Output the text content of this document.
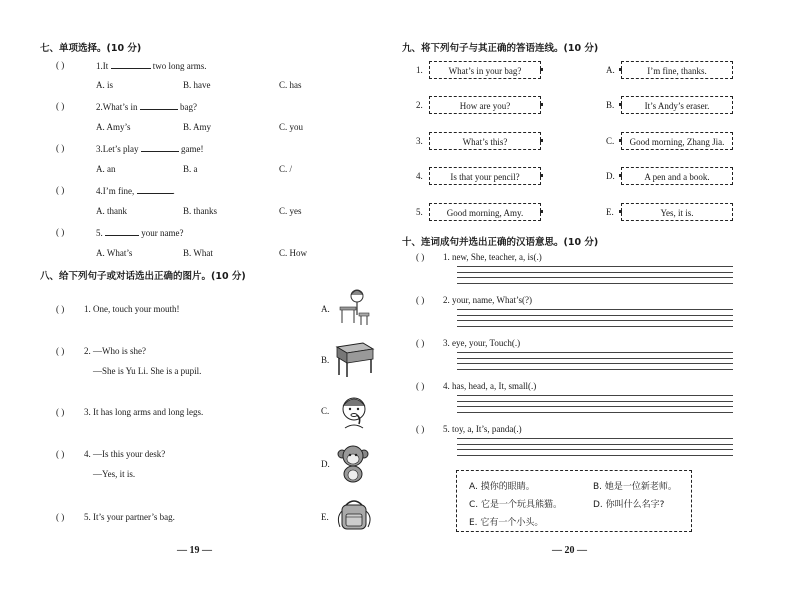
七、单项选择。(10 分)
( )	1.It	two long arms.
A. is	B. have	C. has
( )	2.What’s in	bag?
A. Amy’s	B. Amy	C. you
( )	3.Let’s play	game!
A. an	B. a	C. /
( )	4.I’m fine,	.
A. thank	B. thanks	C. yes
( )	5.	your name?
A. What’s	B. What	C. How
八、给下列句子或对话选出正确的图片。(10 分)
( ) 1. One, touch your mouth!
( ) 2. —Who is she?
—She is Yu Li. She is a pupil.
( ) 3. It has long arms and long legs.
( ) 4. —Is this your desk?
—Yes, it is.
( ) 5. It’s your partner’s bag.
A.
B.
C.
D.
E.
— 19 —
九、将下列句子与其正确的答语连线。(10 分)
1.	What’s in your bag?
2.	How are you?
3.	What’s this?
4.	Is that your pencil?
5.	Good morning, Amy.
A.	I’m fine, thanks.
B.	It’s Andy’s eraser.
C.	Good morning, Zhang Jia.
D.	A pen and a book.
E.	Yes, it is.
十、连词成句并选出正确的汉语意思。(10 分)
( ) 1. new, She, teacher, a, is(.)
( ) 2. your, name, What’s(?)
( ) 3. eye, your, Touch(.)
( ) 4. has, head, a, It, small(.)
( ) 5. toy, a, It’s, panda(.)
A. 摸你的眼睛。	B. 她是一位新老师。
C. 它是一个玩具熊猫。	D. 你叫什么名字?
E. 它有一个小头。
— 20 —
